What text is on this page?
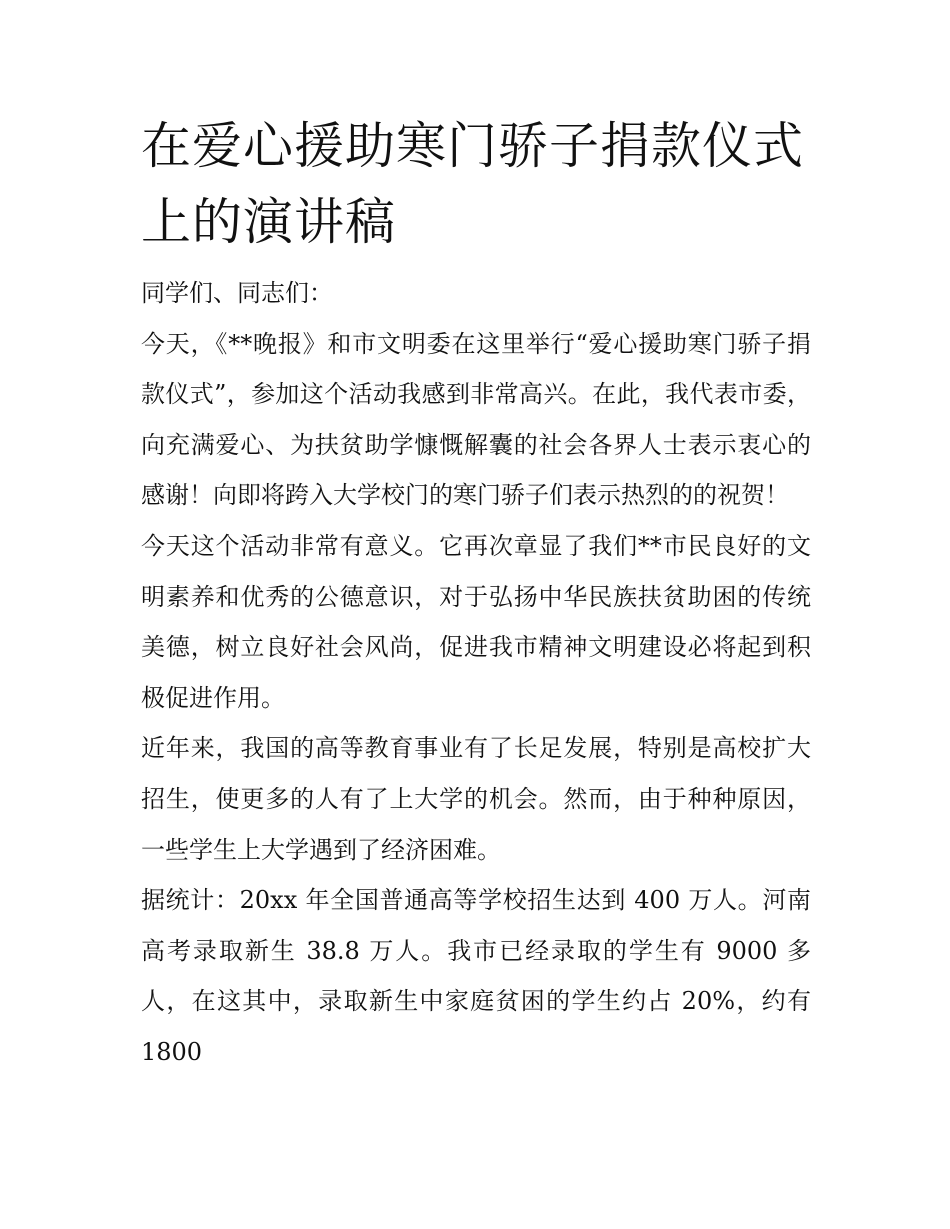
在爱心援助寒门骄子捐款仪式上的演讲稿

同学们、同志们：

今天，《**晚报》和市文明委在这里举行“爱心援助寒门骄子捐款仪式”，参加这个活动我感到非常高兴。在此，我代表市委，向充满爱心、为扶贫助学慷慨解囊的社会各界人士表示衷心的感谢！向即将跨入大学校门的寒门骄子们表示热烈的的祝贺！

今天这个活动非常有意义。它再次章显了我们**市民良好的文明素养和优秀的公德意识，对于弘扬中华民族扶贫助困的传统美德，树立良好社会风尚，促进我市精神文明建设必将起到积极促进作用。

近年来，我国的高等教育事业有了长足发展，特别是高校扩大招生，使更多的人有了上大学的机会。然而，由于种种原因，一些学生上大学遇到了经济困难。

据统计：20xx 年全国普通高等学校招生达到 400 万人。河南高考录取新生 38.8 万人。我市已经录取的学生有 9000 多人，在这其中，录取新生中家庭贫困的学生约占 20%，约有 1800
